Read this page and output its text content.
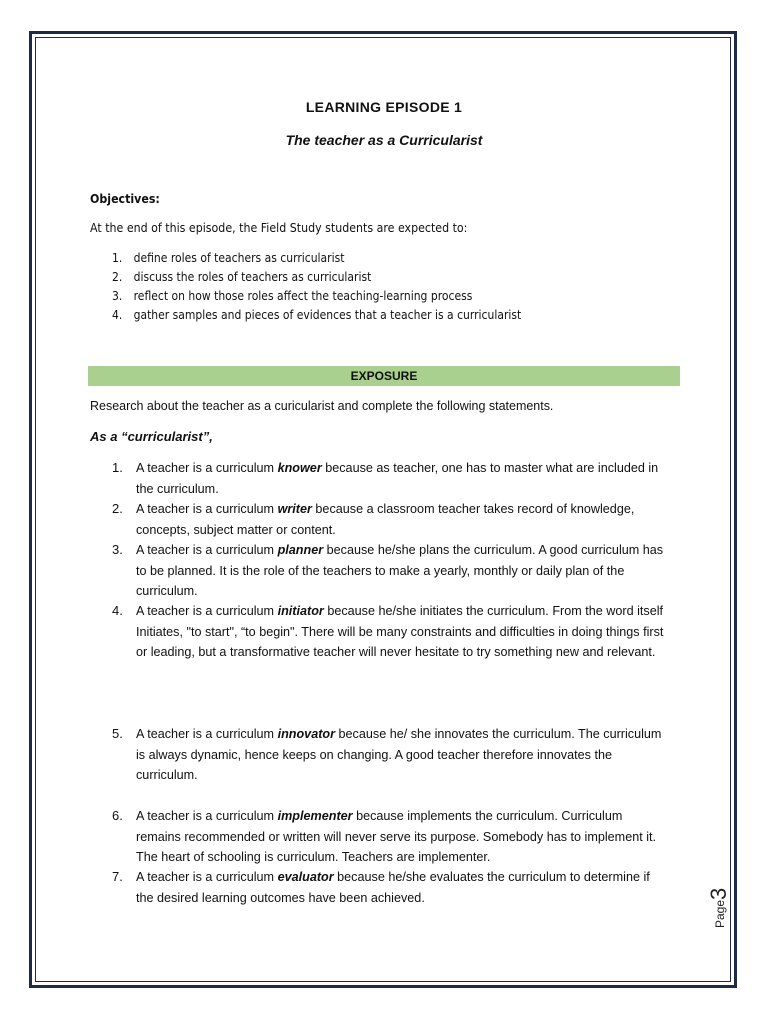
LEARNING EPISODE 1
The teacher as a Curricularist
Objectives:
At the end of this episode, the Field Study students are expected to:
1. define roles of teachers as curricularist
2. discuss the roles of teachers as curricularist
3. reflect on how those roles affect the teaching-learning process
4. gather samples and pieces of evidences that a teacher is a curricularist
EXPOSURE
Research about the teacher as a curicularist and complete the following statements.
As a “curricularist”,
1. A teacher is a curriculum knower because as teacher, one has to master what are included in the curriculum.
2. A teacher is a curriculum writer because a classroom teacher takes record of knowledge, concepts, subject matter or content.
3. A teacher is a curriculum planner because he/she plans the curriculum. A good curriculum has to be planned. It is the role of the teachers to make a yearly, monthly or daily plan of the curriculum.
4. A teacher is a curriculum initiator because he/she initiates the curriculum. From the word itself Initiates, "to start", “to begin". There will be many constraints and difficulties in doing things first or leading, but a transformative teacher will never hesitate to try something new and relevant.
5. A teacher is a curriculum innovator because he/ she innovates the curriculum. The curriculum is always dynamic, hence keeps on changing. A good teacher therefore innovates the curriculum.
6. A teacher is a curriculum implementer because implements the curriculum. Curriculum remains recommended or written will never serve its purpose. Somebody has to implement it. The heart of schooling is curriculum. Teachers are implementer.
7. A teacher is a curriculum evaluator because he/she evaluates the curriculum to determine if the desired learning outcomes have been achieved.
Page3
